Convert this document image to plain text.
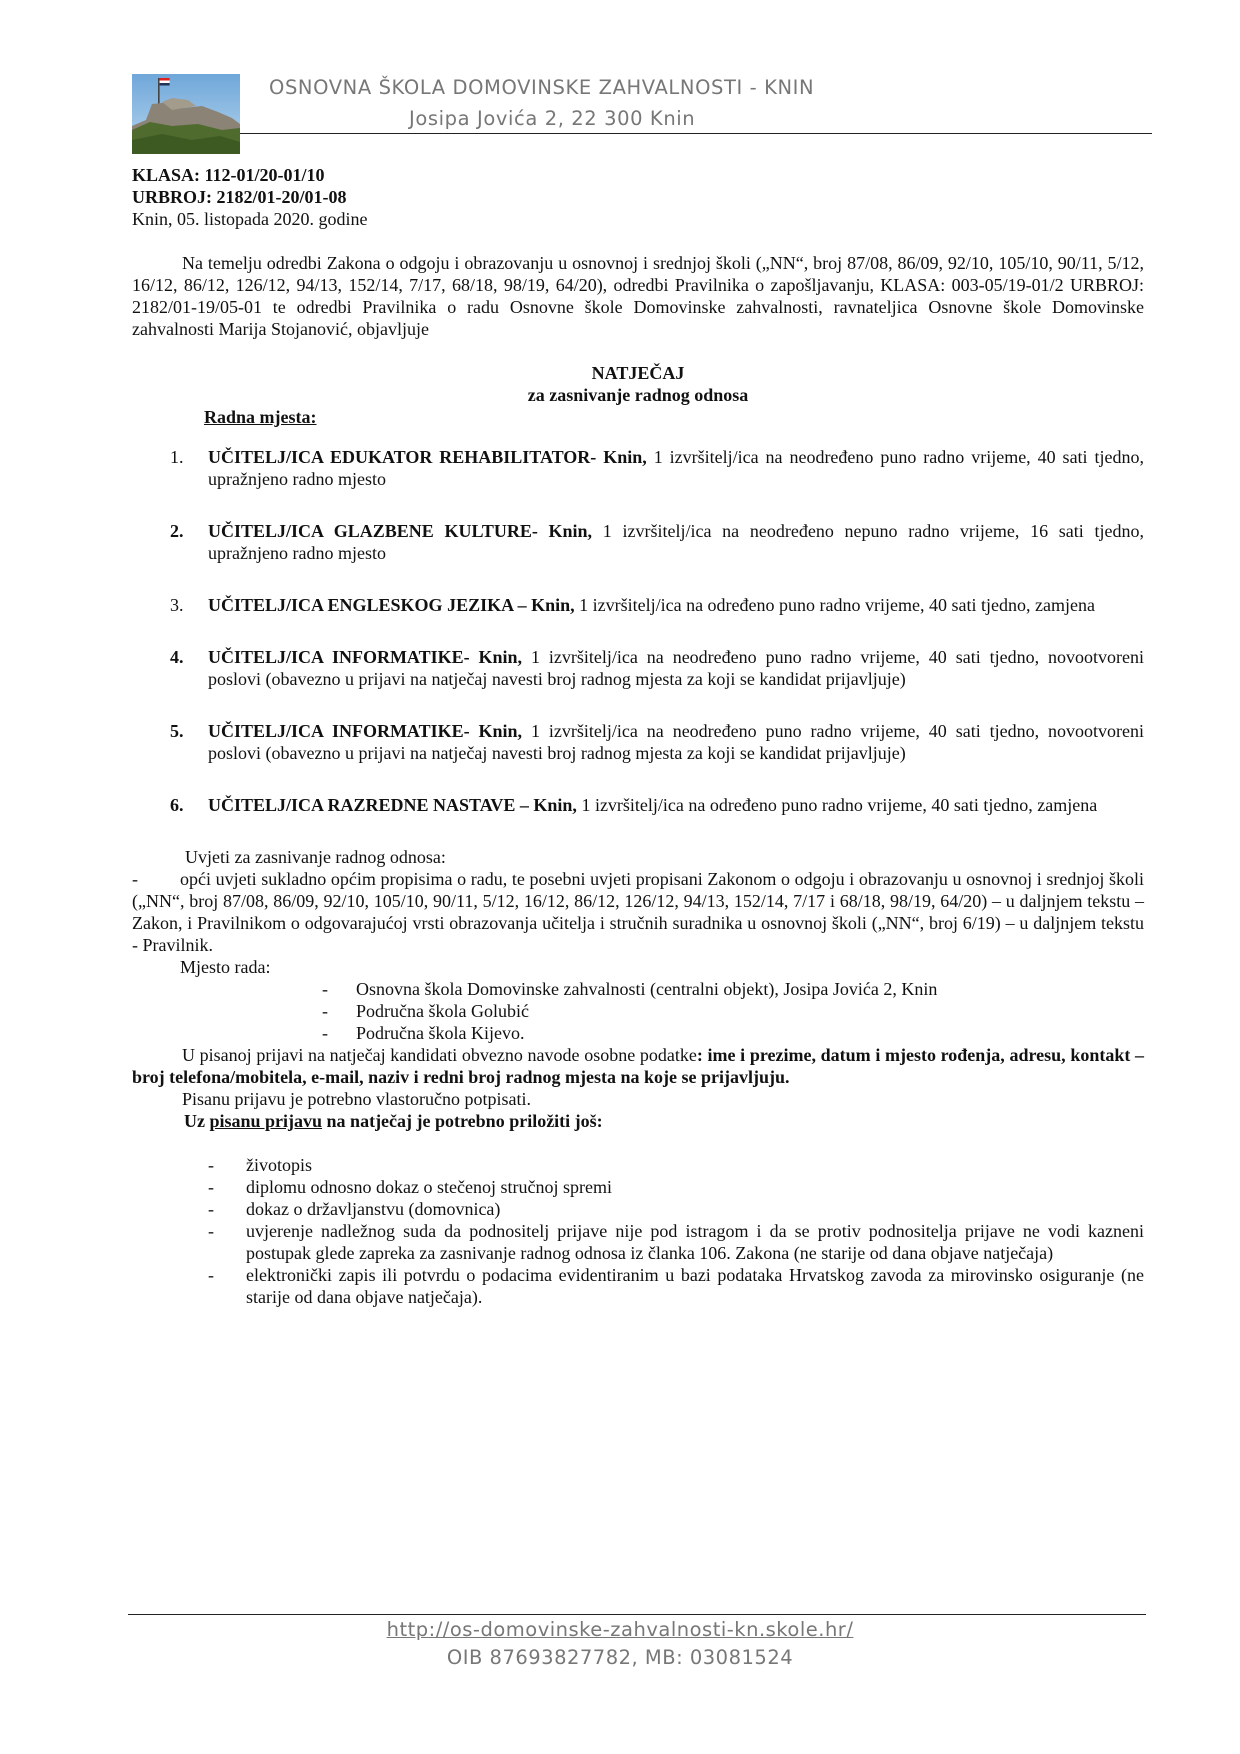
OSNOVNA ŠKOLA DOMOVINSKE ZAHVALNOSTI - KNIN
Josipa Jovića 2, 22 300 Knin

KLASA: 112-01/20-01/10
URBROJ: 2182/01-20/01-08
Knin, 05. listopada 2020. godine

Na temelju odredbi Zakona o odgoju i obrazovanju u osnovnoj i srednjoj školi („NN“, broj 87/08, 86/09, 92/10, 105/10, 90/11, 5/12, 16/12, 86/12, 126/12, 94/13, 152/14, 7/17, 68/18, 98/19, 64/20), odredbi Pravilnika o zapošljavanju, KLASA: 003-05/19-01/2 URBROJ: 2182/01-19/05-01 te odredbi Pravilnika o radu Osnovne škole Domovinske zahvalnosti, ravnateljica Osnovne škole Domovinske zahvalnosti Marija Stojanović, objavljuje

NATJEČAJ

za zasnivanje radnog odnosa

Radna mjesta:

1. UČITELJ/ICA EDUKATOR REHABILITATOR- Knin, 1 izvršitelj/ica na neodređeno puno radno vrijeme, 40 sati tjedno, upražnjeno radno mjesto
2. UČITELJ/ICA GLAZBENE KULTURE- Knin, 1 izvršitelj/ica na neodređeno nepuno radno vrijeme, 16 sati tjedno, upražnjeno radno mjesto
3. UČITELJ/ICA ENGLESKOG JEZIKA – Knin, 1 izvršitelj/ica na određeno puno radno vrijeme, 40 sati tjedno, zamjena
4. UČITELJ/ICA INFORMATIKE- Knin, 1 izvršitelj/ica na neodređeno puno radno vrijeme, 40 sati tjedno, novootvoreni poslovi (obavezno u prijavi na natječaj navesti broj radnog mjesta za koji se kandidat prijavljuje)
5. UČITELJ/ICA INFORMATIKE- Knin, 1 izvršitelj/ica na neodređeno puno radno vrijeme, 40 sati tjedno, novootvoreni poslovi (obavezno u prijavi na natječaj navesti broj radnog mjesta za koji se kandidat prijavljuje)
6. UČITELJ/ICA RAZREDNE NASTAVE – Knin, 1 izvršitelj/ica na određeno puno radno vrijeme, 40 sati tjedno, zamjena

Uvjeti za zasnivanje radnog odnosa:

- opći uvjeti sukladno općim propisima o radu, te posebni uvjeti propisani Zakonom o odgoju i obrazovanju u osnovnoj i srednjoj školi („NN“, broj 87/08, 86/09, 92/10, 105/10, 90/11, 5/12, 16/12, 86/12, 126/12, 94/13, 152/14, 7/17 i 68/18, 98/19, 64/20) – u daljnjem tekstu – Zakon, i Pravilnikom o odgovarajućoj vrsti obrazovanja učitelja i stručnih suradnika u osnovnoj školi („NN“, broj 6/19) – u daljnjem tekstu - Pravilnik.

Mjesto rada:

- Osnovna škola Domovinske zahvalnosti (centralni objekt), Josipa Jovića 2, Knin
- Područna škola Golubić
- Područna škola Kijevo.

U pisanoj prijavi na natječaj kandidati obvezno navode osobne podatke: ime i prezime, datum i mjesto rođenja, adresu, kontakt – broj telefona/mobitela, e-mail, naziv i redni broj radnog mjesta na koje se prijavljuju.

Pisanu prijavu je potrebno vlastoručno potpisati.

Uz pisanu prijavu na natječaj je potrebno priložiti još:

- životopis
- diplomu odnosno dokaz o stečenoj stručnoj spremi
- dokaz o državljanstvu (domovnica)
- uvjerenje nadležnog suda da podnositelj prijave nije pod istragom i da se protiv podnositelja prijave ne vodi kazneni postupak glede zapreka za zasnivanje radnog odnosa iz članka 106. Zakona (ne starije od dana objave natječaja)
- elektronički zapis ili potvrdu o podacima evidentiranim u bazi podataka Hrvatskog zavoda za mirovinsko osiguranje (ne starije od dana objave natječaja).
http://os-domovinske-zahvalnosti-kn.skole.hr/
OIB 87693827782, MB: 03081524
